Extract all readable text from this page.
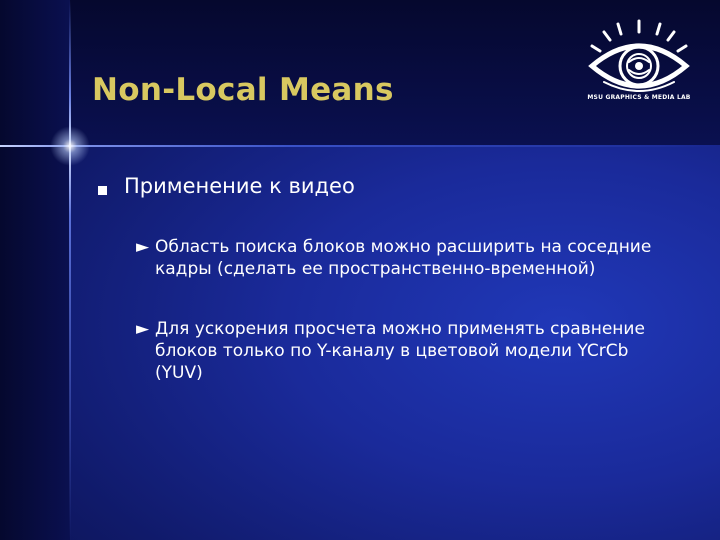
Non-Local Means	MSU GRAPHICS & MEDIA LAB
Применение к видео
► Область поиска блоков можно расширить на соседние
кадры (сделать ее пространственно-временной)
► Для ускорения просчета можно применять сравнение
блоков только по Y-каналу в цветовой модели YCrCb
(YUV)
